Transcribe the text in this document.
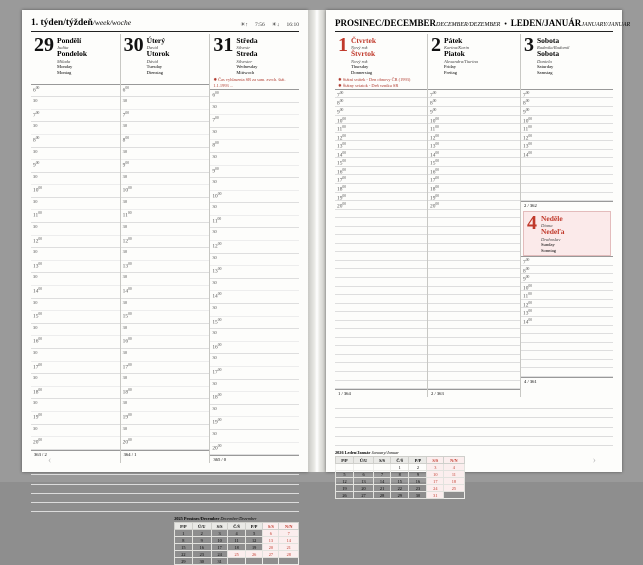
1. týden/týždeň/week/woche	☀↑ 7:56 ☀↓ 16:10
29 Pondělí
Judita
Pondelok
Milada
Monday
Montag

$6^{00}$
30
$7^{00}$
30
$8^{00}$
30
$9^{00}$
30
$10^{00}$
30
$11^{00}$
30
$12^{00}$
30
$13^{00}$
30
$14^{00}$
30
$15^{00}$
30
$16^{00}$
30
$17^{00}$
30
$18^{00}$
30
$19^{00}$
30
$20^{00}$
363 / 2
30 Úterý
David
Utorok
Dávid
Tuesday
Dienstag

$6^{00}$
30
$7^{00}$
30
$8^{00}$
30
$9^{00}$
30
$10^{00}$
30
$11^{00}$
30
$12^{00}$
30
$13^{00}$
30
$14^{00}$
30
$15^{00}$
30
$16^{00}$
30
$17^{00}$
30
$18^{00}$
30
$19^{00}$
30
$20^{00}$
364 / 1
31 Středa
Silvestr
Streda
Silvester
Wednesday
Mittwoch
✹ Čas vyhlasenia SR za sam. zvrch. štát. 1.1.1993 ...
$6^{00}$
30
$7^{00}$
30
$8^{00}$
30
$9^{00}$
30
$10^{00}$
30
$11^{00}$
30
$12^{00}$
30
$13^{00}$
30
$14^{00}$
30
$15^{00}$
30
$16^{00}$
30
$17^{00}$
30
$18^{00}$
30
$19^{00}$
30
$20^{00}$
365 / 0
2025 Prosinec/December December/Dezember
P/P	Ú/U	S/S	Č/Š	P/P	S/S	N/N
1	2	3	4	5	6	7
8	9	10	11	12	13	14
15	16	17	18	19	20	21
22	23	24	25	26	27	28
29	30	31				
‹
PROSINEC/DECEMBER DECEMBER/DEZEMBER • LEDEN/JANUÁR JANUARY/JANUAR
1 Čtvrtek
Nový rok
Štvrtok
Nový rok
Thursday
Donnerstag
✹ Státní svátek - Den obnovy ČR (1993)
✹ Štátny sviatok - Deň vzniku SR
$7^{00}$
$8^{00}$
$9^{00}$
$10^{00}$
$11^{00}$
$12^{00}$
$13^{00}$
$14^{00}$
$15^{00}$
$16^{00}$
$17^{00}$
$18^{00}$
$19^{00}$
$20^{00}$
1 / 364
2 Pátek
Karina/Karin
Piatok
Alexandra/Tiurina
Friday
Freitag

$7^{00}$
$8^{00}$
$9^{00}$
$10^{00}$
$11^{00}$
$12^{00}$
$13^{00}$
$14^{00}$
$15^{00}$
$16^{00}$
$17^{00}$
$18^{00}$
$19^{00}$
$20^{00}$
2 / 363
3 Sobota
Radmila/Radomil
Sobota
Daniela
Saturday
Samstag

$7^{00}$
$8^{00}$
$9^{00}$
$10^{00}$
$11^{00}$
$12^{00}$
$13^{00}$
$14^{00}$
2 / 362
4 Neděle
Diana
Nedeľa
Drahoslav
Sunday
Sonntag
$7^{00}$
$8^{00}$
$9^{00}$
$10^{00}$
$11^{00}$
$12^{00}$
$13^{00}$
$14^{00}$
4 / 361
2026 Leden/Január January/Januar
P/P	Ú/U	S/S	Č/Š	P/P	S/S	N/N
			1	2	3	4
5	6	7	8	9	10	11
12	13	14	15	16	17	18
19	20	21	22	23	24	25
26	27	28	29	30	31	
›
